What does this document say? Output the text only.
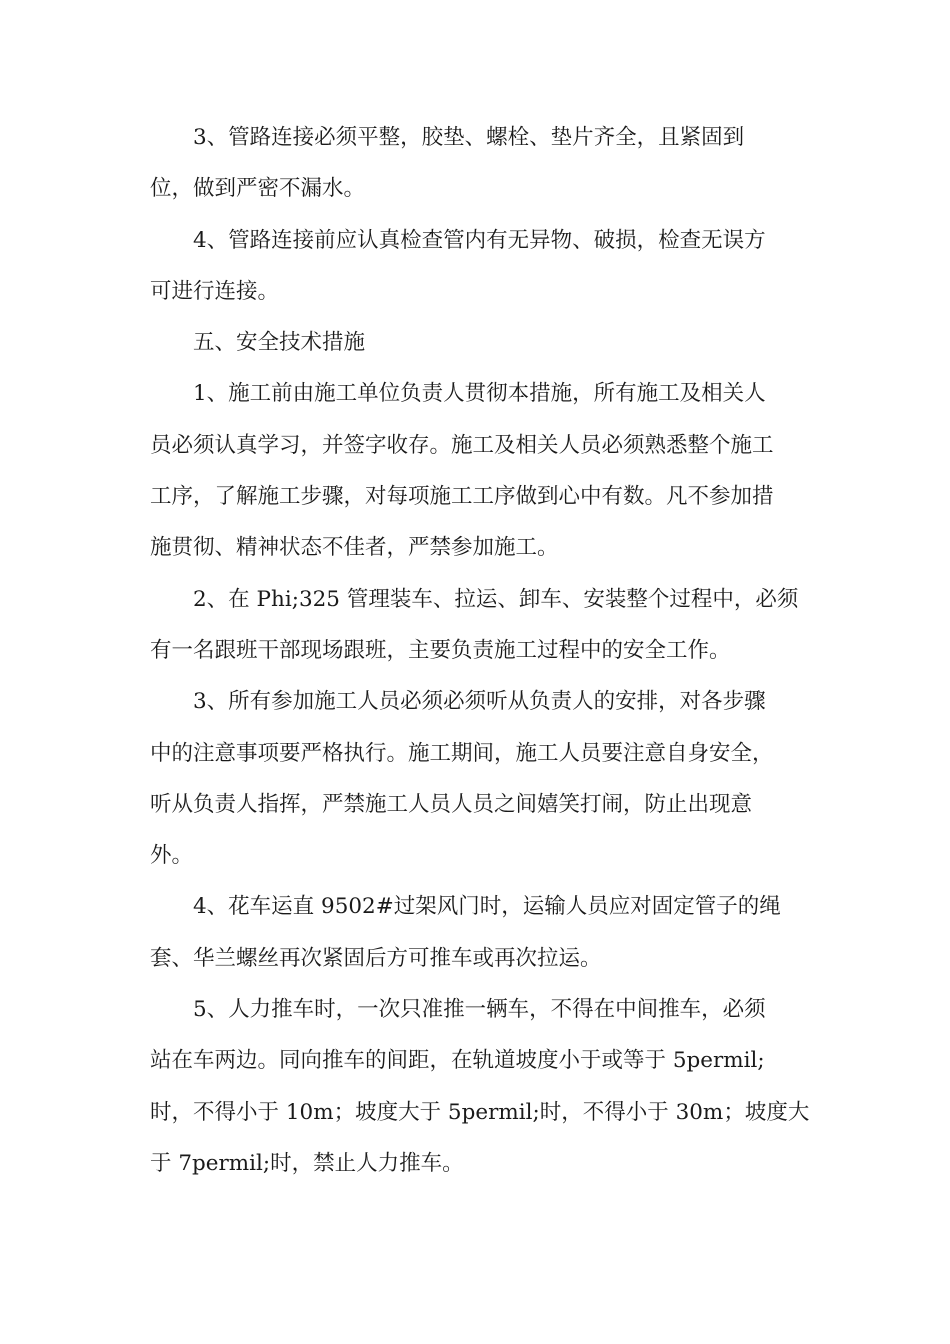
3、管路连接必须平整，胶垫、螺栓、垫片齐全，且紧固到
位，做到严密不漏水。
4、管路连接前应认真检查管内有无异物、破损，检查无误方
可进行连接。
五、安全技术措施
1、施工前由施工单位负责人贯彻本措施，所有施工及相关人
员必须认真学习，并签字收存。施工及相关人员必须熟悉整个施工
工序，了解施工步骤，对每项施工工序做到心中有数。凡不参加措
施贯彻、精神状态不佳者，严禁参加施工。
2、在 Phi;325 管理装车、拉运、卸车、安装整个过程中，必须
有一名跟班干部现场跟班，主要负责施工过程中的安全工作。
3、所有参加施工人员必须必须听从负责人的安排，对各步骤
中的注意事项要严格执行。施工期间，施工人员要注意自身安全，
听从负责人指挥，严禁施工人员人员之间嬉笑打闹，防止出现意
外。
4、花车运直 9502#过架风门时，运输人员应对固定管子的绳
套、华兰螺丝再次紧固后方可推车或再次拉运。
5、人力推车时，一次只准推一辆车，不得在中间推车，必须
站在车两边。同向推车的间距，在轨道坡度小于或等于 5permil;
时，不得小于 10m；坡度大于 5permil;时，不得小于 30m；坡度大
于 7permil;时，禁止人力推车。
